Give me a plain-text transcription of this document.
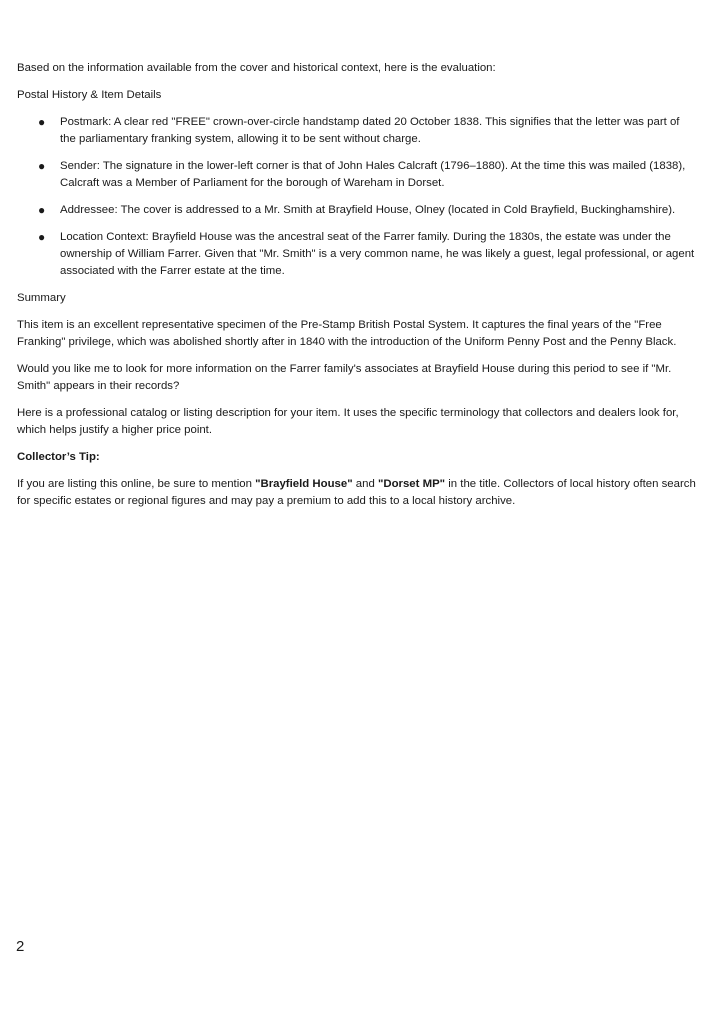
Based on the information available from the cover and historical context, here is the evaluation:

Postal History & Item Details

● Postmark: A clear red "FREE" crown-over-circle handstamp dated 20 October 1838. This signifies that the letter was part of the parliamentary franking system, allowing it to be sent without charge.
● Sender: The signature in the lower-left corner is that of John Hales Calcraft (1796–1880). At the time this was mailed (1838), Calcraft was a Member of Parliament for the borough of Wareham in Dorset.
● Addressee: The cover is addressed to a Mr. Smith at Brayfield House, Olney (located in Cold Brayfield, Buckinghamshire).
● Location Context: Brayfield House was the ancestral seat of the Farrer family. During the 1830s, the estate was under the ownership of William Farrer. Given that "Mr. Smith" is a very common name, he was likely a guest, legal professional, or agent associated with the Farrer estate at the time.

Summary

This item is an excellent representative specimen of the Pre-Stamp British Postal System. It captures the final years of the "Free Franking" privilege, which was abolished shortly after in 1840 with the introduction of the Uniform Penny Post and the Penny Black.

Would you like me to look for more information on the Farrer family's associates at Brayfield House during this period to see if "Mr. Smith" appears in their records?

Here is a professional catalog or listing description for your item. It uses the specific terminology that collectors and dealers look for, which helps justify a higher price point.

Collector’s Tip:

If you are listing this online, be sure to mention "Brayfield House" and "Dorset MP" in the title. Collectors of local history often search for specific estates or regional figures and may pay a premium to add this to a local history archive.

2
